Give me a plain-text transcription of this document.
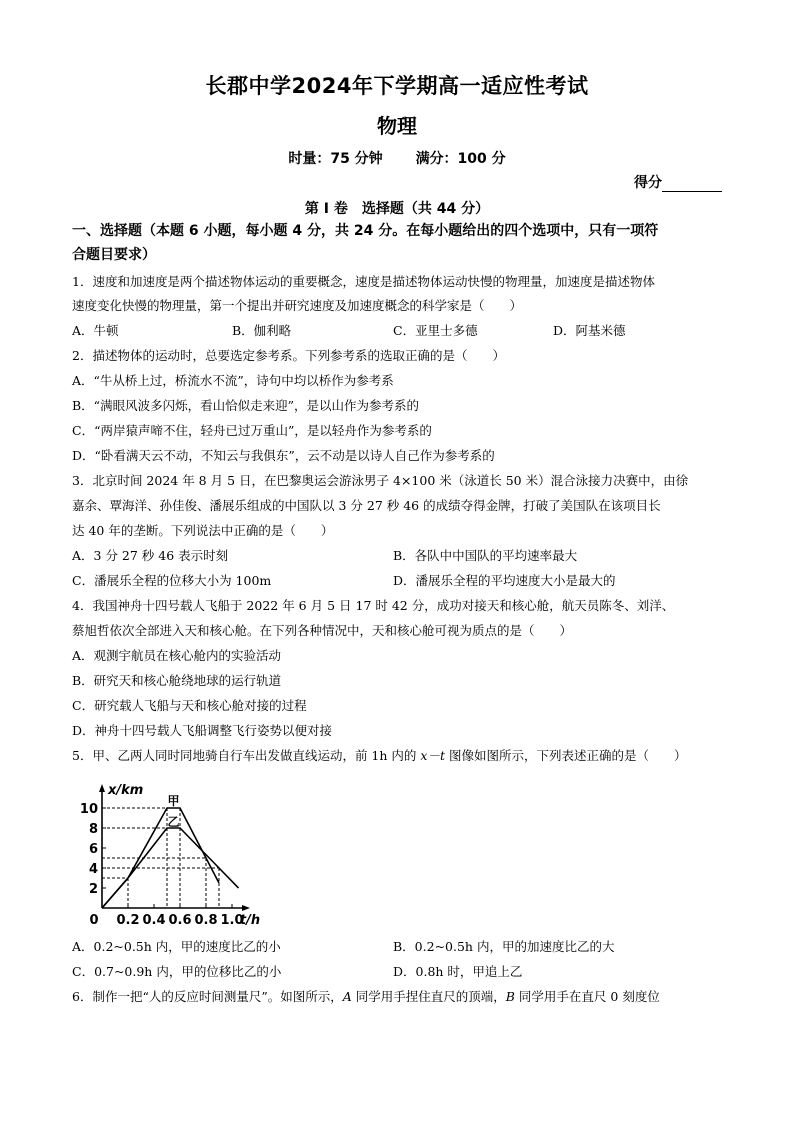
长郡中学2024年下学期高一适应性考试
物理
时量：75 分钟 满分：100 分
得分
第 I 卷　选择题（共 44 分）
一、选择题（本题 6 小题，每小题 4 分，共 24 分。在每小题给出的四个选项中，只有一项符
合题目要求）
1．速度和加速度是两个描述物体运动的重要概念，速度是描述物体运动快慢的物理量，加速度是描述物体
速度变化快慢的物理量，第一个提出并研究速度及加速度概念的科学家是（　　）
A．牛顿	B．伽利略	C．亚里士多德	D．阿基米德
2．描述物体的运动时，总要选定参考系。下列参考系的选取正确的是（　　）
A．“牛从桥上过，桥流水不流”，诗句中均以桥作为参考系
B．“满眼风波多闪烁，看山恰似走来迎”，是以山作为参考系的
C．“两岸猿声啼不住，轻舟已过万重山”，是以轻舟作为参考系的
D．“卧看满天云不动，不知云与我俱东”，云不动是以诗人自己作为参考系的
3．北京时间 2024 年 8 月 5 日，在巴黎奥运会游泳男子 4×100 米（泳道长 50 米）混合泳接力决赛中，由徐
嘉余、覃海洋、孙佳俊、潘展乐组成的中国队以 3 分 27 秒 46 的成绩夺得金牌，打破了美国队在该项目长
达 40 年的垄断。下列说法中正确的是（　　）
A．3 分 27 秒 46 表示时刻	B．各队中中国队的平均速率最大
C．潘展乐全程的位移大小为 100m	D．潘展乐全程的平均速度大小是最大的
4．我国神舟十四号载人飞船于 2022 年 6 月 5 日 17 时 42 分，成功对接天和核心舱，航天员陈冬、刘洋、
蔡旭哲依次全部进入天和核心舱。在下列各种情况中，天和核心舱可视为质点的是（　　）
A．观测宇航员在核心舱内的实验活动
B．研究天和核心舱绕地球的运行轨道
C．研究载人飞船与天和核心舱对接的过程
D．神舟十四号载人飞船调整飞行姿势以便对接
5．甲、乙两人同时同地骑自行车出发做直线运动，前 1h 内的 x－t 图像如图所示，下列表述正确的是（　　）
2
4
6
8
10
0 0.2 0.4 0.6 0.8 1.0
甲
乙
x/km
t/h
A．0.2~0.5h 内，甲的速度比乙的小	B．0.2~0.5h 内，甲的加速度比乙的大
C．0.7~0.9h 内，甲的位移比乙的小	D．0.8h 时，甲追上乙
6．制作一把“人的反应时间测量尺”。如图所示，A 同学用手捏住直尺的顶端，B 同学用手在直尺 0 刻度位
